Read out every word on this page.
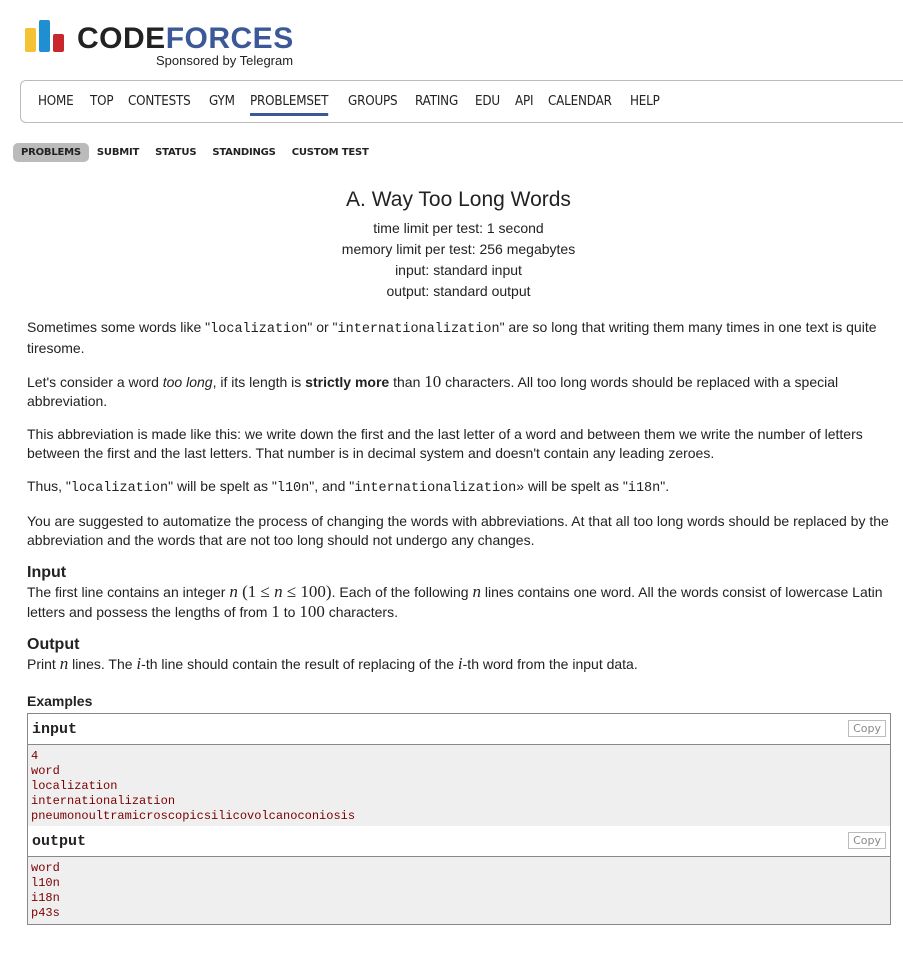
CODEFORCES
Sponsored by Telegram
HOME TOP CONTESTS GYM PROBLEMSET GROUPS RATING EDU API CALENDAR HELP
PROBLEMS	SUBMIT	STATUS	STANDINGS	CUSTOM TEST
A. Way Too Long Words
time limit per test: 1 second
memory limit per test: 256 megabytes
input: standard input
output: standard output

Sometimes some words like "localization" or "internationalization" are so long that writing them many times in one text is quite tiresome.

Let's consider a word too long, if its length is strictly more than 10 characters. All too long words should be replaced with a special abbreviation.

This abbreviation is made like this: we write down the first and the last letter of a word and between them we write the number of letters between the first and the last letters. That number is in decimal system and doesn't contain any leading zeroes.

Thus, "localization" will be spelt as "l10n", and "internationalization» will be spelt as "i18n".

You are suggested to automatize the process of changing the words with abbreviations. At that all too long words should be replaced by the abbreviation and the words that are not too long should not undergo any changes.

Input
The first line contains an integer n (1 ≤ n ≤ 100). Each of the following n lines contains one word. All the words consist of lowercase Latin letters and possess the lengths of from 1 to 100 characters.
Output
Print n lines. The i-th line should contain the result of replacing of the i-th word from the input data.
Examples
input	Copy
4
word
localization
internationalization
pneumonoultramicroscopicsilicovolcanoconiosis
output	Copy
word
l10n
i18n
p43s
